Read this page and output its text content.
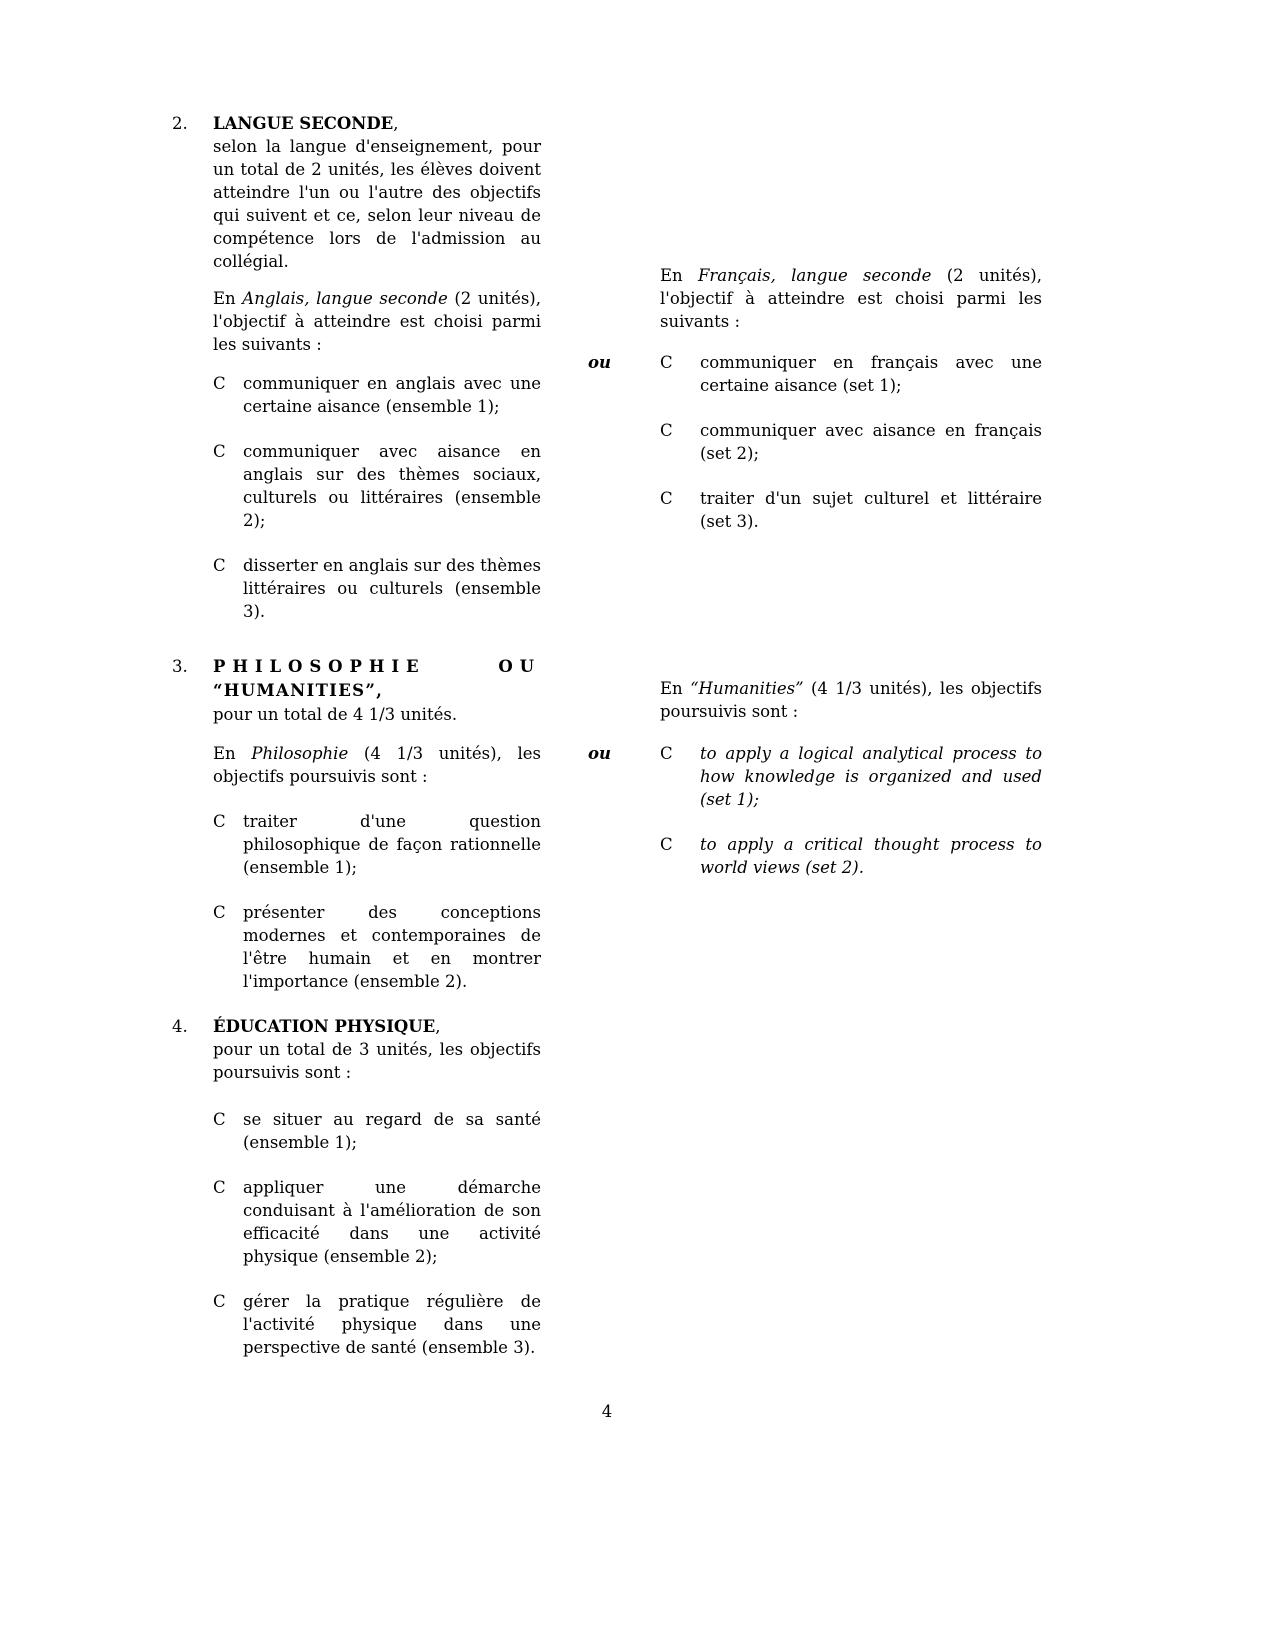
2.	LANGUE SECONDE,
selon la langue d'enseignement, pour un total de 2 unités, les élèves doivent atteindre l'un ou l'autre des objectifs qui suivent et ce, selon leur niveau de compétence lors de l'admission au collégial.
En Anglais, langue seconde (2 unités), l'objectif à atteindre est choisi parmi les suivants :
C	communiquer en anglais avec une certaine aisance (ensemble 1);
C	communiquer avec aisance en anglais sur des thèmes sociaux, culturels ou littéraires (ensemble 2);
C	disserter en anglais sur des thèmes littéraires ou culturels (ensemble 3).
En Français, langue seconde (2 unités), l'objectif à atteindre est choisi parmi les suivants :
ou	C	communiquer en français avec une certaine aisance (set 1);
C	communiquer avec aisance en français (set 2);
C	traiter d'un sujet culturel et littéraire (set 3).
3.	PHILOSOPHIE	OU
“HUMANITIES”,
pour un total de 4 1/3 unités.
En Philosophie (4 1/3 unités), les objectifs poursuivis sont :
C	traiter d'une question philosophique de façon rationnelle (ensemble 1);
C	présenter des conceptions modernes et contemporaines de l'être humain et en montrer l'importance (ensemble 2).
En “Humanities” (4 1/3 unités), les objectifs poursuivis sont :
ou	C	to apply a logical analytical process to how knowledge is organized and used (set 1);
C	to apply a critical thought process to world views (set 2).
4.	ÉDUCATION PHYSIQUE,
pour un total de 3 unités, les objectifs poursuivis sont :
C	se situer au regard de sa santé (ensemble 1);
C	appliquer une démarche conduisant à l'amélioration de son efficacité dans une activité physique (ensemble 2);
C	gérer la pratique régulière de l'activité physique dans une perspective de santé (ensemble 3).
4
